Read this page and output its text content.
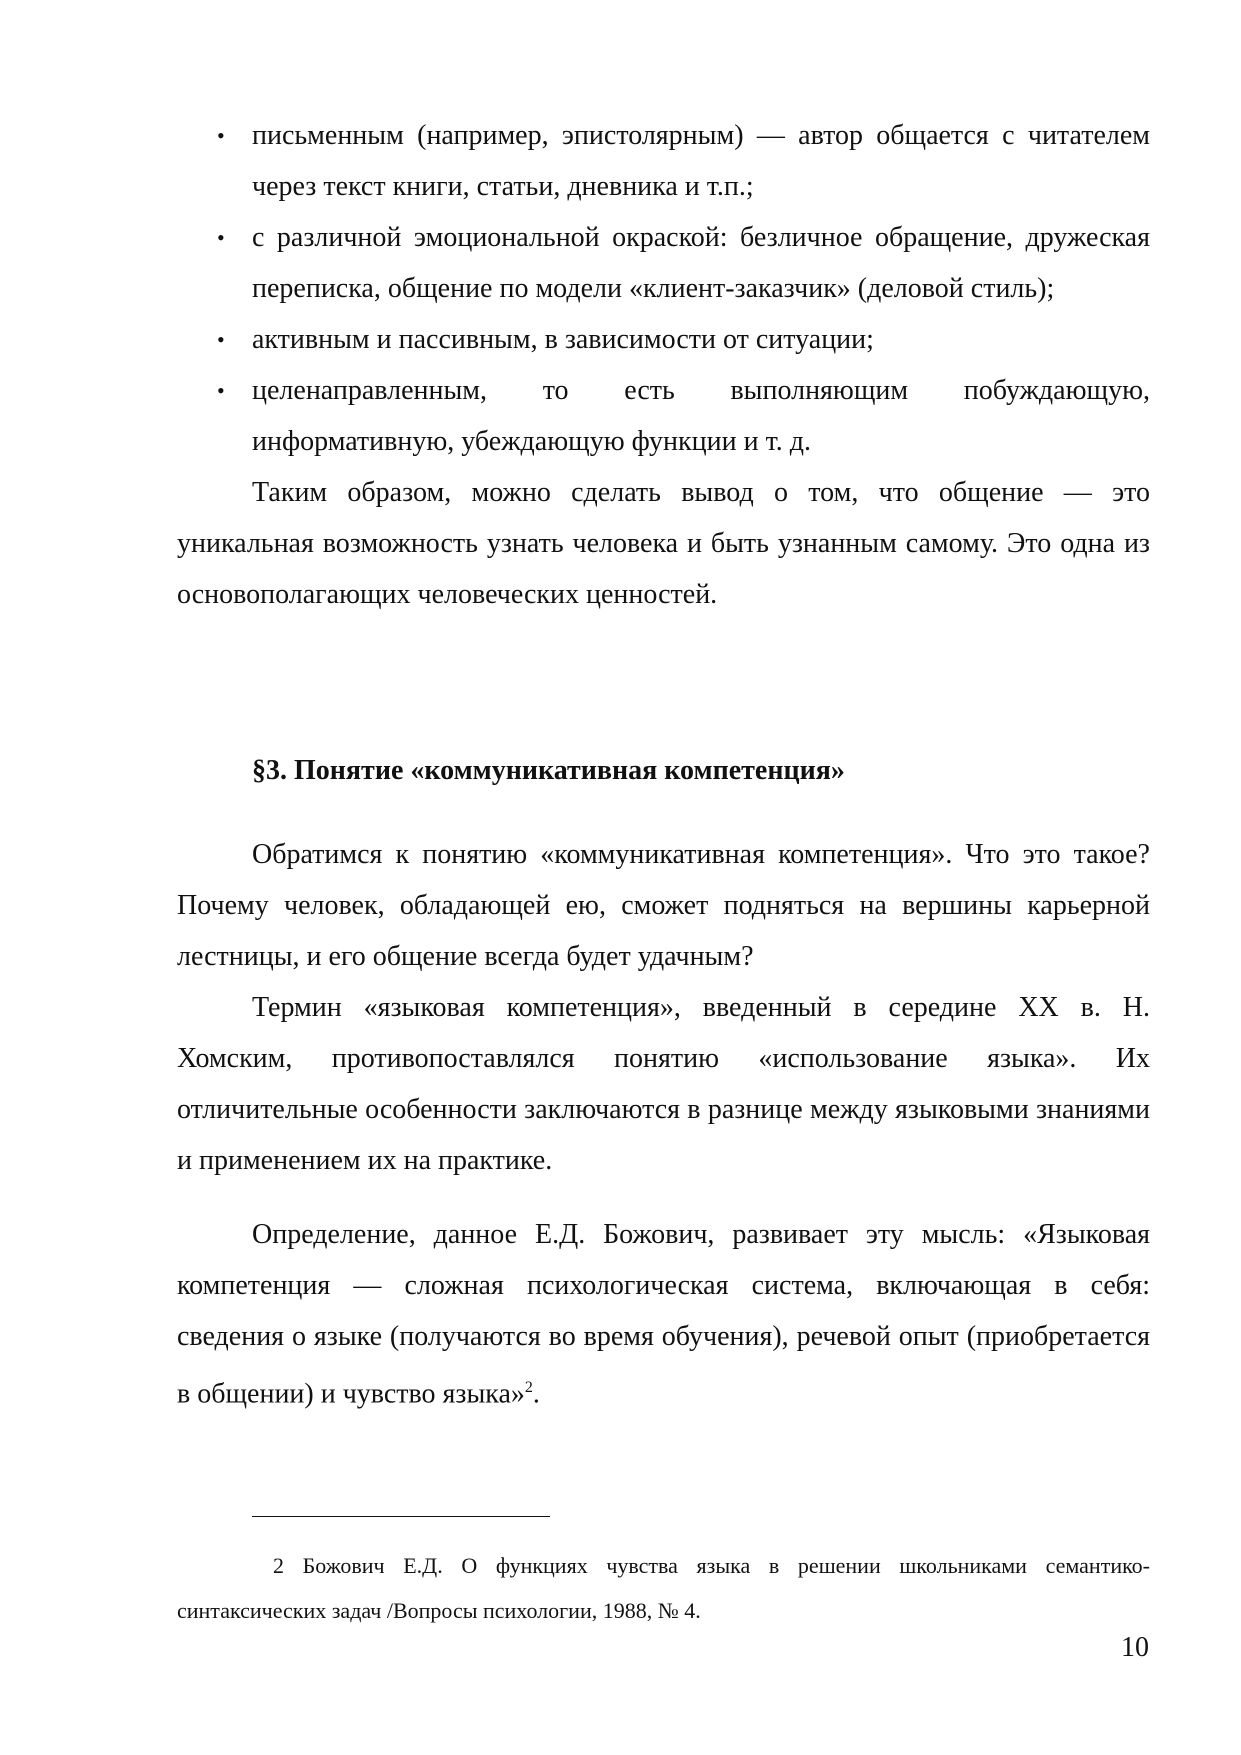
• письменным (например, эпистолярным) — автор общается с читателем через текст книги, статьи, дневника и т.п.;
• с различной эмоциональной окраской: безличное обращение, дружеская переписка, общение по модели «клиент-заказчик» (деловой стиль);
• активным и пассивным, в зависимости от ситуации;
• целенаправленным, то есть выполняющим побуждающую, информативную, убеждающую функции и т. д.

Таким образом, можно сделать вывод о том, что общение — это уникальная возможность узнать человека и быть узнанным самому. Это одна из основополагающих человеческих ценностей.

§3. Понятие «коммуникативная компетенция»

Обратимся к понятию «коммуникативная компетенция». Что это такое? Почему человек, обладающей ею, сможет подняться на вершины карьерной лестницы, и его общение всегда будет удачным?

Термин «языковая компетенция», введенный в середине XX в. Н. Хомским, противопоставлялся понятию «использование языка». Их отличительные особенности заключаются в разнице между языковыми знаниями и применением их на практике.

Определение, данное Е.Д. Божович, развивает эту мысль: «Языковая компетенция — сложная психологическая система, включающая в себя: сведения о языке (получаются во время обучения), речевой опыт (приобретается в общении) и чувство языка»$^2$.

2 Божович Е.Д. О функциях чувства языка в решении школьниками семантико-синтаксических задач /Вопросы психологии, 1988, № 4.
10
